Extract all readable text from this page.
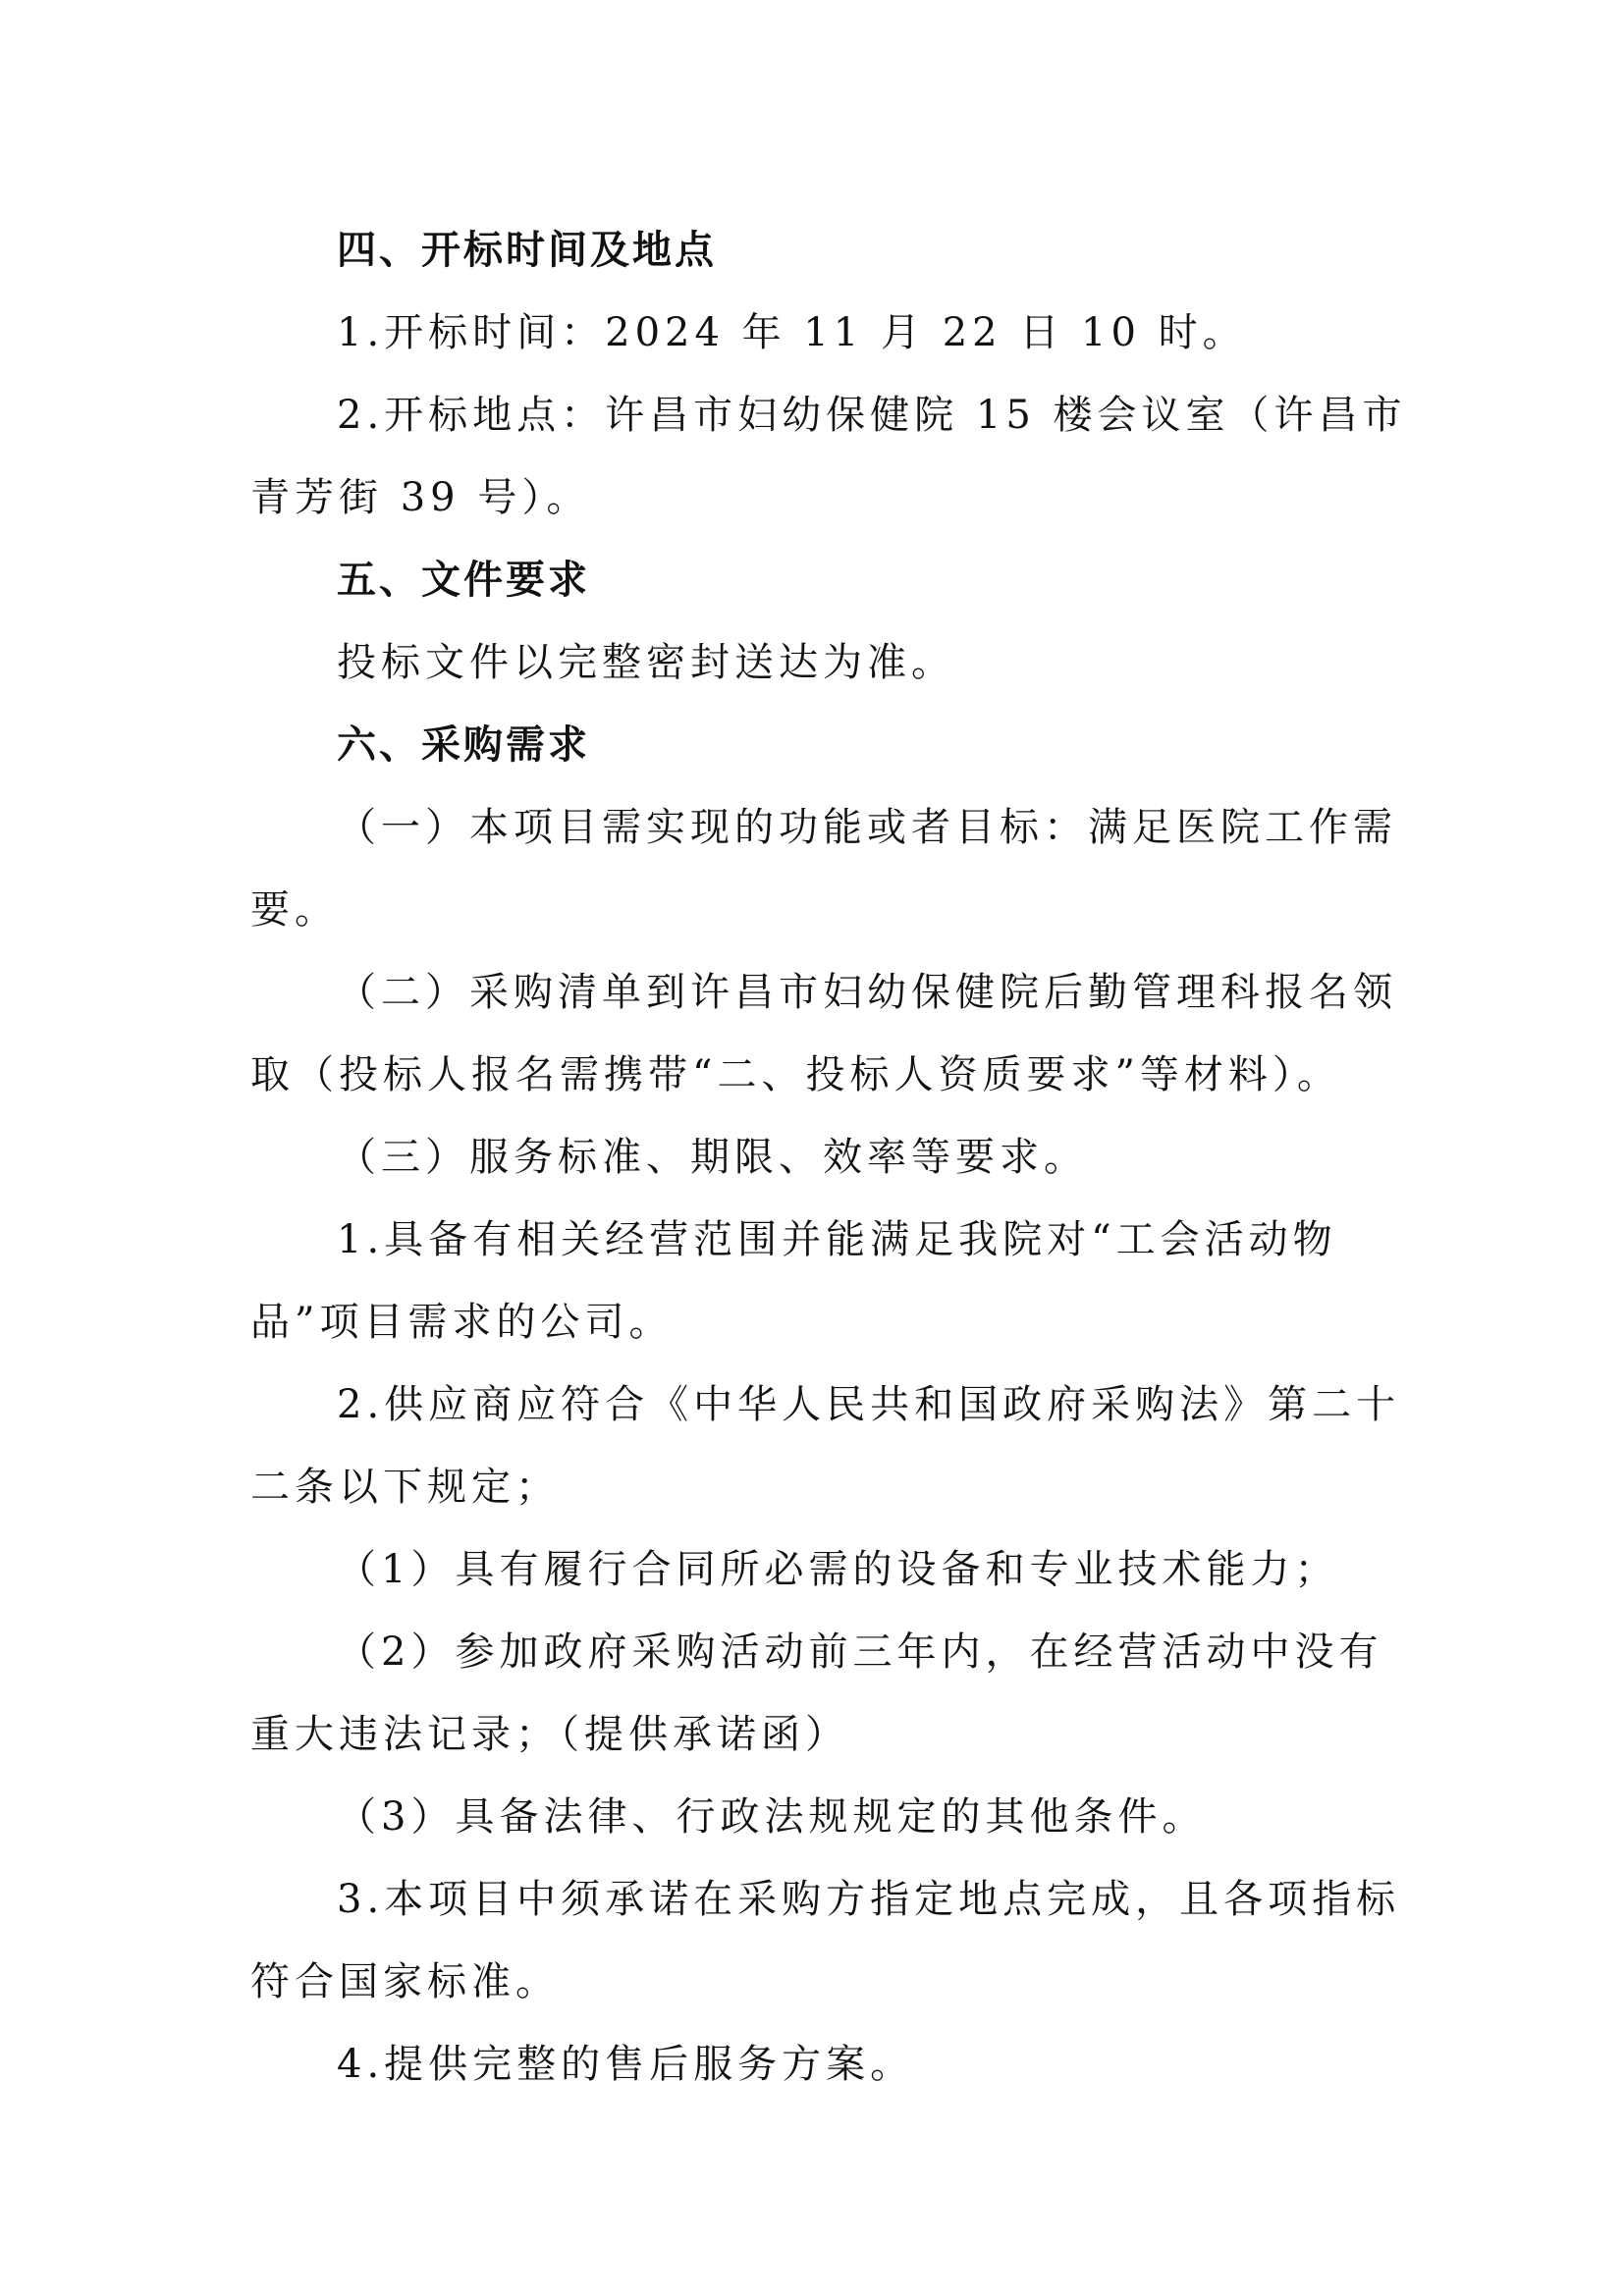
四、开标时间及地点
1.开标时间：2024 年 11 月 22 日 10 时。
2.开标地点：许昌市妇幼保健院 15 楼会议室（许昌市
青芳街 39 号）。
五、文件要求
投标文件以完整密封送达为准。
六、采购需求
（一）本项目需实现的功能或者目标：满足医院工作需
要。
（二）采购清单到许昌市妇幼保健院后勤管理科报名领
取（投标人报名需携带“二、投标人资质要求”等材料）。
（三）服务标准、期限、效率等要求。
1.具备有相关经营范围并能满足我院对“工会活动物
品”项目需求的公司。
2.供应商应符合《中华人民共和国政府采购法》第二十
二条以下规定；
（1）具有履行合同所必需的设备和专业技术能力；
（2）参加政府采购活动前三年内，在经营活动中没有
重大违法记录；（提供承诺函）
（3）具备法律、行政法规规定的其他条件。
3.本项目中须承诺在采购方指定地点完成，且各项指标
符合国家标准。
4.提供完整的售后服务方案。
